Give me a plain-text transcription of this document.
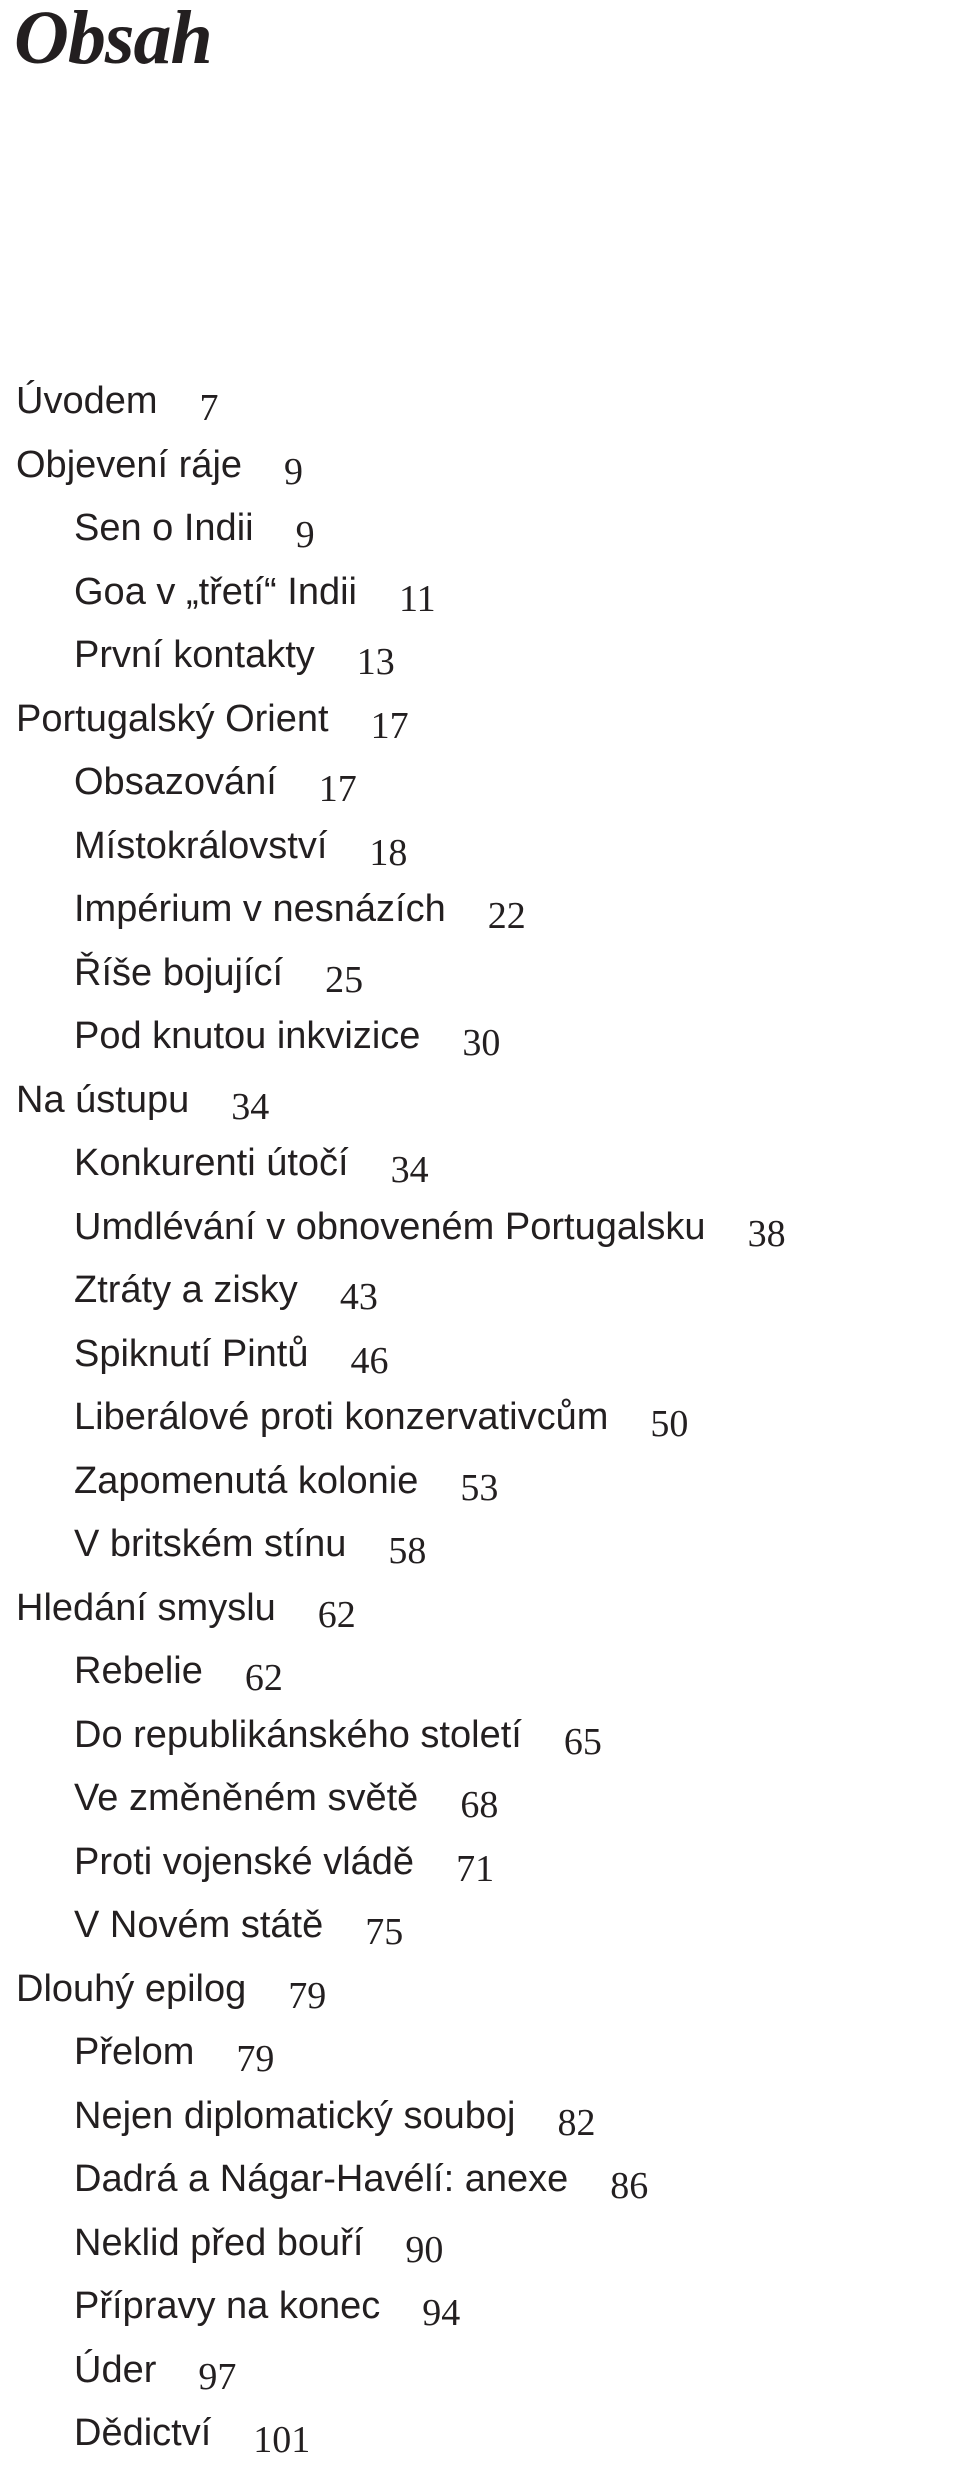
Obsah
Úvodem 7
Objevení ráje 9
Sen o Indii 9
Goa v „třetí“ Indii 11
První kontakty 13
Portugalský Orient 17
Obsazování 17
Místokrálovství 18
Impérium v nesnázích 22
Říše bojující 25
Pod knutou inkvizice 30
Na ústupu 34
Konkurenti útočí 34
Umdlévání v obnoveném Portugalsku 38
Ztráty a zisky 43
Spiknutí Pintů 46
Liberálové proti konzervativcům 50
Zapomenutá kolonie 53
V britském stínu 58
Hledání smyslu 62
Rebelie 62
Do republikánského století 65
Ve změněném světě 68
Proti vojenské vládě 71
V Novém státě 75
Dlouhý epilog 79
Přelom 79
Nejen diplomatický souboj 82
Dadrá a Nágar-Havélí: anexe 86
Neklid před bouří 90
Přípravy na konec 94
Úder 97
Dědictví 101
